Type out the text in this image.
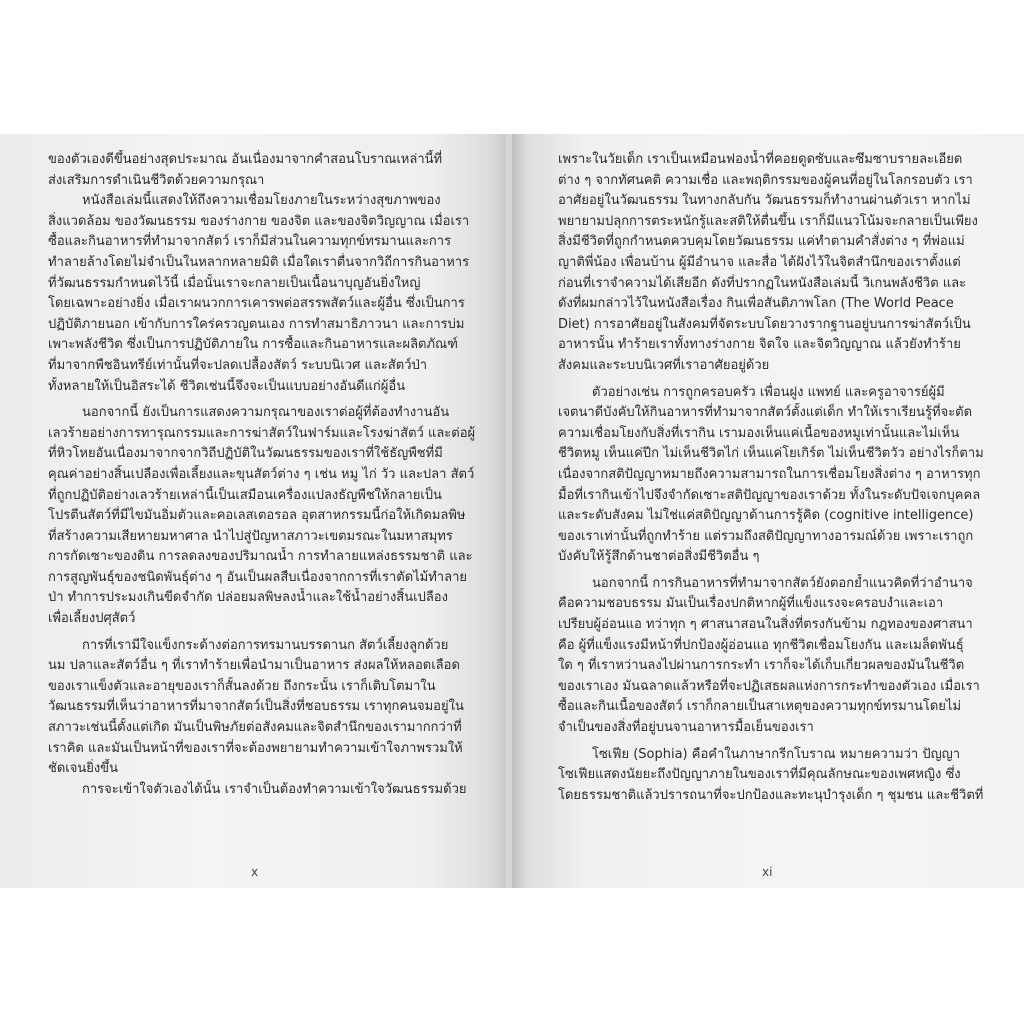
ของตัวเองดีขึ้นอย่างสุดประมาณ อันเนื่องมาจากคำสอนโบราณเหล่านี้ที่
ส่งเสริมการดำเนินชีวิตด้วยความกรุณา
หนังสือเล่มนี้แสดงให้ถึงความเชื่อมโยงภายในระหว่างสุขภาพของ
สิ่งแวดล้อม ของวัฒนธรรม ของร่างกาย ของจิต และของจิตวิญญาณ เมื่อเรา
ซื้อและกินอาหารที่ทำมาจากสัตว์ เราก็มีส่วนในความทุกข์ทรมานและการ
ทำลายล้างโดยไม่จำเป็นในหลากหลายมิติ เมื่อใดเราตื่นจากวิถีการกินอาหาร
ที่วัฒนธรรมกำหนดไว้นี้ เมื่อนั้นเราจะกลายเป็นเนื้อนาบุญอันยิ่งใหญ่
โดยเฉพาะอย่างยิ่ง เมื่อเราผนวกการเคารพต่อสรรพสัตว์และผู้อื่น ซึ่งเป็นการ
ปฏิบัติภายนอก เข้ากับการใคร่ครวญตนเอง การทำสมาธิภาวนา และการบ่ม
เพาะพลังชีวิต ซึ่งเป็นการปฏิบัติภายใน การซื้อและกินอาหารและผลิตภัณฑ์
ที่มาจากพืชอินทรีย์เท่านั้นที่จะปลดเปลื้องสัตว์ ระบบนิเวศ และสัตว์ป่า
ทั้งหลายให้เป็นอิสระได้ ชีวิตเช่นนี้จึงจะเป็นแบบอย่างอันดีแก่ผู้อื่น
นอกจากนี้ ยังเป็นการแสดงความกรุณาของเราต่อผู้ที่ต้องทำงานอัน
เลวร้ายอย่างการทารุณกรรมและการฆ่าสัตว์ในฟาร์มและโรงฆ่าสัตว์ และต่อผู้
ที่หิวโหยอันเนื่องมาจากจากวิถีปฏิบัติในวัฒนธรรมของเราที่ใช้ธัญพืชที่มี
คุณค่าอย่างสิ้นเปลืองเพื่อเลี้ยงและขุนสัตว์ต่าง ๆ เช่น หมู ไก่ วัว และปลา สัตว์
ที่ถูกปฏิบัติอย่างเลวร้ายเหล่านี้เป็นเสมือนเครื่องแปลงธัญพืชให้กลายเป็น
โปรตีนสัตว์ที่มีไขมันอิ่มตัวและคอเลสเตอรอล อุตสาหกรรมนี้ก่อให้เกิดมลพิษ
ที่สร้างความเสียหายมหาศาล นำไปสู่ปัญหาสภาวะเขตมรณะในมหาสมุทร
การกัดเซาะของดิน การลดลงของปริมาณน้ำ การทำลายแหล่งธรรมชาติ และ
การสูญพันธุ์ของชนิดพันธุ์ต่าง ๆ อันเป็นผลสืบเนื่องจากการที่เราตัดไม้ทำลาย
ป่า ทำการประมงเกินขีดจำกัด ปล่อยมลพิษลงน้ำและใช้น้ำอย่างสิ้นเปลือง
เพื่อเลี้ยงปศุสัตว์
การที่เรามีใจแข็งกระด้างต่อการทรมานบรรดานก สัตว์เลี้ยงลูกด้วย
นม ปลาและสัตว์อื่น ๆ ที่เราทำร้ายเพื่อนำมาเป็นอาหาร ส่งผลให้หลอดเลือด
ของเราแข็งตัวและอายุของเราก็สั้นลงด้วย ถึงกระนั้น เราก็เติบโตมาใน
วัฒนธรรมที่เห็นว่าอาหารที่มาจากสัตว์เป็นสิ่งที่ชอบธรรม เราทุกคนจมอยู่ใน
สภาวะเช่นนี้ตั้งแต่เกิด มันเป็นพิษภัยต่อสังคมและจิตสำนึกของเรามากกว่าที่
เราคิด และมันเป็นหน้าที่ของเราที่จะต้องพยายามทำความเข้าใจภาพรวมให้
ชัดเจนยิ่งขึ้น
การจะเข้าใจตัวเองได้นั้น เราจำเป็นต้องทำความเข้าใจวัฒนธรรมด้วย
x
เพราะในวัยเด็ก เราเป็นเหมือนฟองน้ำที่คอยดูดซับและซึมซาบรายละเอียด
ต่าง ๆ จากทัศนคติ ความเชื่อ และพฤติกรรมของผู้คนที่อยู่ในโลกรอบตัว เรา
อาศัยอยู่ในวัฒนธรรม ในทางกลับกัน วัฒนธรรมก็ทำงานผ่านตัวเรา หากไม่
พยายามปลุกการตระหนักรู้และสติให้ตื่นขึ้น เราก็มีแนวโน้มจะกลายเป็นเพียง
สิ่งมีชีวิตที่ถูกกำหนดควบคุมโดยวัฒนธรรม แค่ทำตามคำสั่งต่าง ๆ ที่พ่อแม่
ญาติพี่น้อง เพื่อนบ้าน ผู้มีอำนาจ และสื่อ ได้ฝังไว้ในจิตสำนึกของเราตั้งแต่
ก่อนที่เราจำความได้เสียอีก ดังที่ปรากฏในหนังสือเล่มนี้ วิเกนพลังชีวิต และ
ดังที่ผมกล่าวไว้ในหนังสือเรื่อง กินเพื่อสันติภาพโลก (The World Peace
Diet) การอาศัยอยู่ในสังคมที่จัดระบบโดยวางรากฐานอยู่บนการฆ่าสัตว์เป็น
อาหารนั้น ทำร้ายเราทั้งทางร่างกาย จิตใจ และจิตวิญญาณ แล้วยังทำร้าย
สังคมและระบบนิเวศที่เราอาศัยอยู่ด้วย
ตัวอย่างเช่น การถูกครอบครัว เพื่อนฝูง แพทย์ และครูอาจารย์ผู้มี
เจตนาดีบังคับให้กินอาหารที่ทำมาจากสัตว์ตั้งแต่เด็ก ทำให้เราเรียนรู้ที่จะตัด
ความเชื่อมโยงกับสิ่งที่เรากิน เรามองเห็นแค่เนื้อของหมูเท่านั้นและไม่เห็น
ชีวิตหมู เห็นแค่ปีก ไม่เห็นชีวิตไก่ เห็นแค่โยเกิร์ต ไม่เห็นชีวิตวัว อย่างไรก็ตาม
เนื่องจากสติปัญญาหมายถึงความสามารถในการเชื่อมโยงสิ่งต่าง ๆ อาหารทุก
มื้อที่เรากินเข้าไปจึงจำกัดเซาะสติปัญญาของเราด้วย ทั้งในระดับปัจเจกบุคคล
และระดับสังคม ไม่ใช่แค่สติปัญญาด้านการรู้คิด (cognitive intelligence)
ของเราเท่านั้นที่ถูกทำร้าย แต่รวมถึงสติปัญญาทางอารมณ์ด้วย เพราะเราถูก
บังคับให้รู้สึกด้านชาต่อสิ่งมีชีวิตอื่น ๆ
นอกจากนี้ การกินอาหารที่ทำมาจากสัตว์ยังตอกย้ำแนวคิดที่ว่าอำนาจ
คือความชอบธรรม มันเป็นเรื่องปกติหากผู้ที่แข็งแรงจะครอบงำและเอา
เปรียบผู้อ่อนแอ ทว่าทุก ๆ ศาสนาสอนในสิ่งที่ตรงกันข้าม กฎทองของศาสนา
คือ ผู้ที่แข็งแรงมีหน้าที่ปกป้องผู้อ่อนแอ ทุกชีวิตเชื่อมโยงกัน และเมล็ดพันธุ์
ใด ๆ ที่เราหว่านลงไปผ่านการกระทำ เราก็จะได้เก็บเกี่ยวผลของมันในชีวิต
ของเราเอง มันฉลาดแล้วหรือที่จะปฏิเสธผลแห่งการกระทำของตัวเอง เมื่อเรา
ซื้อและกินเนื้อของสัตว์ เราก็กลายเป็นสาเหตุของความทุกข์ทรมานโดยไม่
จำเป็นของสิ่งที่อยู่บนจานอาหารมื้อเย็นของเรา
โซเฟีย (Sophia) คือคำในภาษากรีกโบราณ หมายความว่า ปัญญา
โซเฟียแสดงนัยยะถึงปัญญาภายในของเราที่มีคุณลักษณะของเพศหญิง ซึ่ง
โดยธรรมชาติแล้วปรารถนาที่จะปกป้องและทะนุบำรุงเด็ก ๆ ชุมชน และชีวิตที่
xi
